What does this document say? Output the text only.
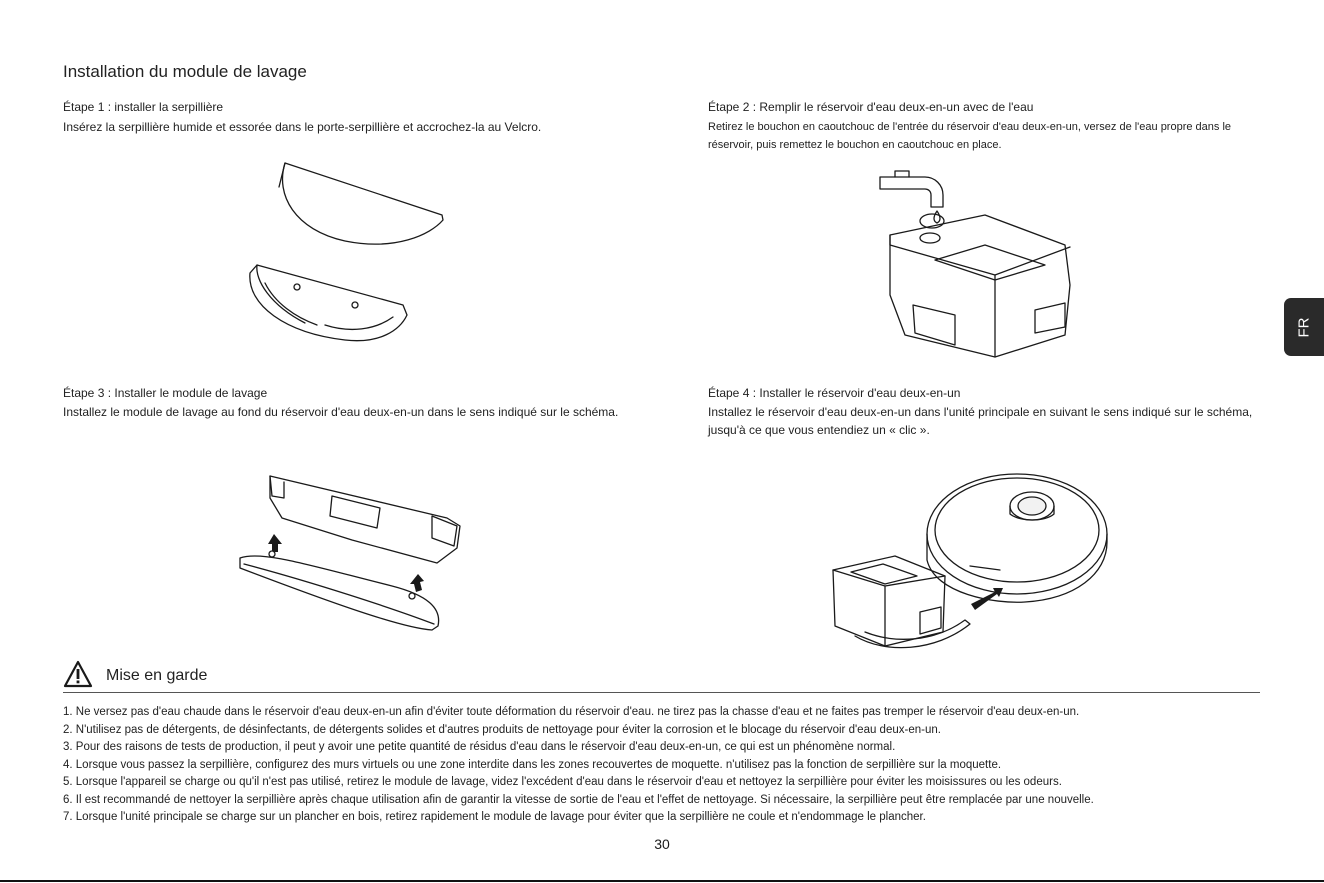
Installation du module de lavage
Étape 1 : installer la serpillière
Insérez la serpillière humide et essorée dans le porte-serpillière et accrochez-la au Velcro.
Étape 2 : Remplir le réservoir d'eau deux-en-un avec de l'eau
Retirez le bouchon en caoutchouc de l'entrée du réservoir d'eau deux-en-un, versez de l'eau propre dans le réservoir, puis remettez le bouchon en caoutchouc en place.
Étape 3 : Installer le module de lavage
Installez le module de lavage au fond du réservoir d'eau deux-en-un dans le sens indiqué sur le schéma.
Étape 4 : Installer le réservoir d'eau deux-en-un
Installez le réservoir d'eau deux-en-un dans l'unité principale en suivant le sens indiqué sur le schéma, jusqu'à ce que vous entendiez un « clic ».
Mise en garde
1. Ne versez pas d'eau chaude dans le réservoir d'eau deux-en-un afin d'éviter toute déformation du réservoir d'eau. ne tirez pas la chasse d'eau et ne faites pas tremper le réservoir d'eau deux-en-un.
2. N'utilisez pas de détergents, de désinfectants, de détergents solides et d'autres produits de nettoyage pour éviter la corrosion et le blocage du réservoir d'eau deux-en-un.
3. Pour des raisons de tests de production, il peut y avoir une petite quantité de résidus d'eau dans le réservoir d'eau deux-en-un, ce qui est un phénomène normal.
4. Lorsque vous passez la serpillière, configurez des murs virtuels ou une zone interdite dans les zones recouvertes de moquette. n'utilisez pas la fonction de serpillière sur la moquette.
5. Lorsque l'appareil se charge ou qu'il n'est pas utilisé, retirez le module de lavage, videz l'excédent d'eau dans le réservoir d'eau et nettoyez la serpillière pour éviter les moisissures ou les odeurs.
6. Il est recommandé de nettoyer la serpillière après chaque utilisation afin de garantir la vitesse de sortie de l'eau et l'effet de nettoyage. Si nécessaire, la serpillière peut être remplacée par une nouvelle.
7. Lorsque l'unité principale se charge sur un plancher en bois, retirez rapidement le module de lavage pour éviter que la serpillière ne coule et n'endommage le plancher.
30
FR
